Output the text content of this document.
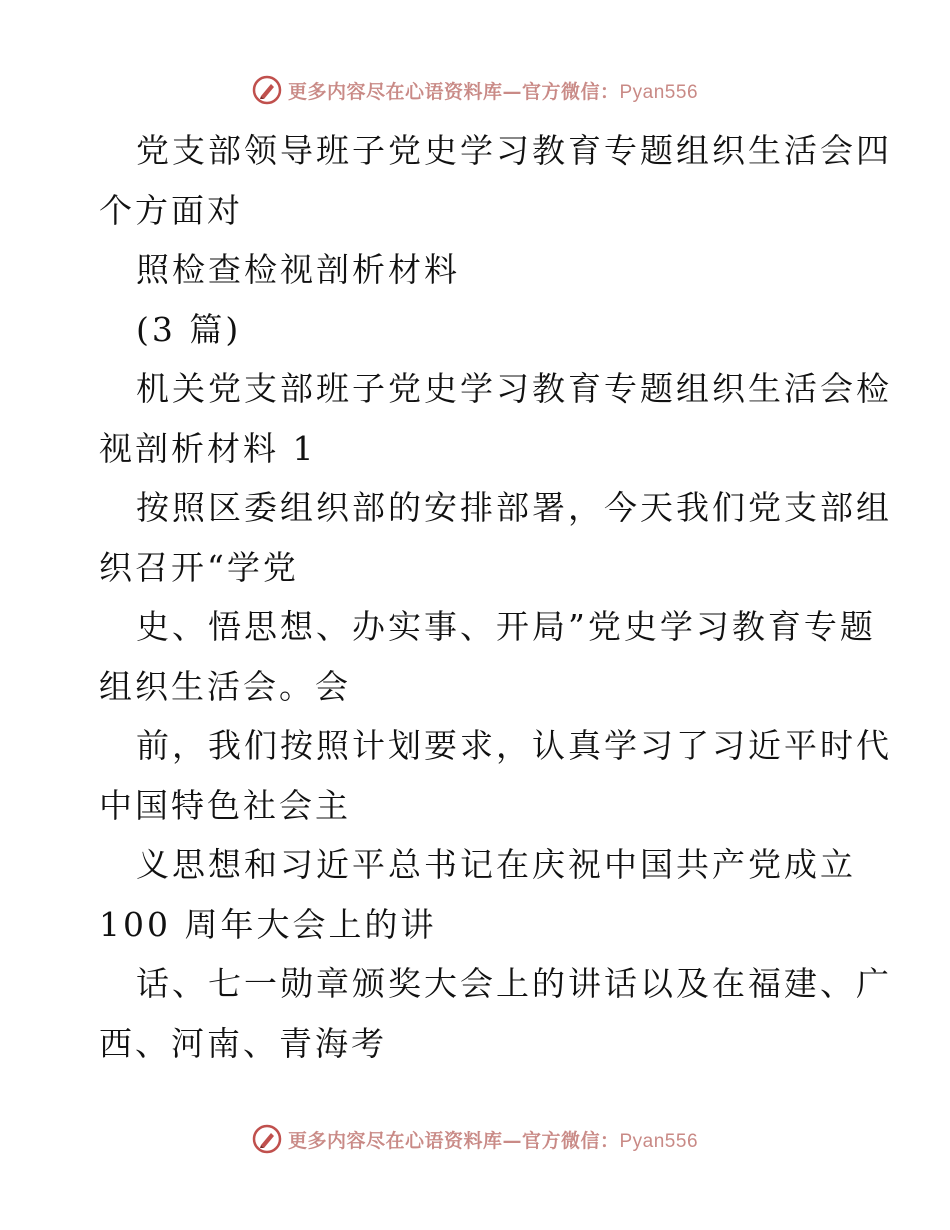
更多内容尽在心语资料库—官方微信：Pyan556

党支部领导班子党史学习教育专题组织生活会四

个方面对

照检查检视剖析材料

(3 篇)

机关党支部班子党史学习教育专题组织生活会检

视剖析材料 1

按照区委组织部的安排部署，今天我们党支部组

织召开“学党

史、悟思想、办实事、开局”党史学习教育专题

组织生活会。会

前，我们按照计划要求，认真学习了习近平时代

中国特色社会主

义思想和习近平总书记在庆祝中国共产党成立

100 周年大会上的讲

话、七一勋章颁奖大会上的讲话以及在福建、广

西、河南、青海考

更多内容尽在心语资料库—官方微信：Pyan556
